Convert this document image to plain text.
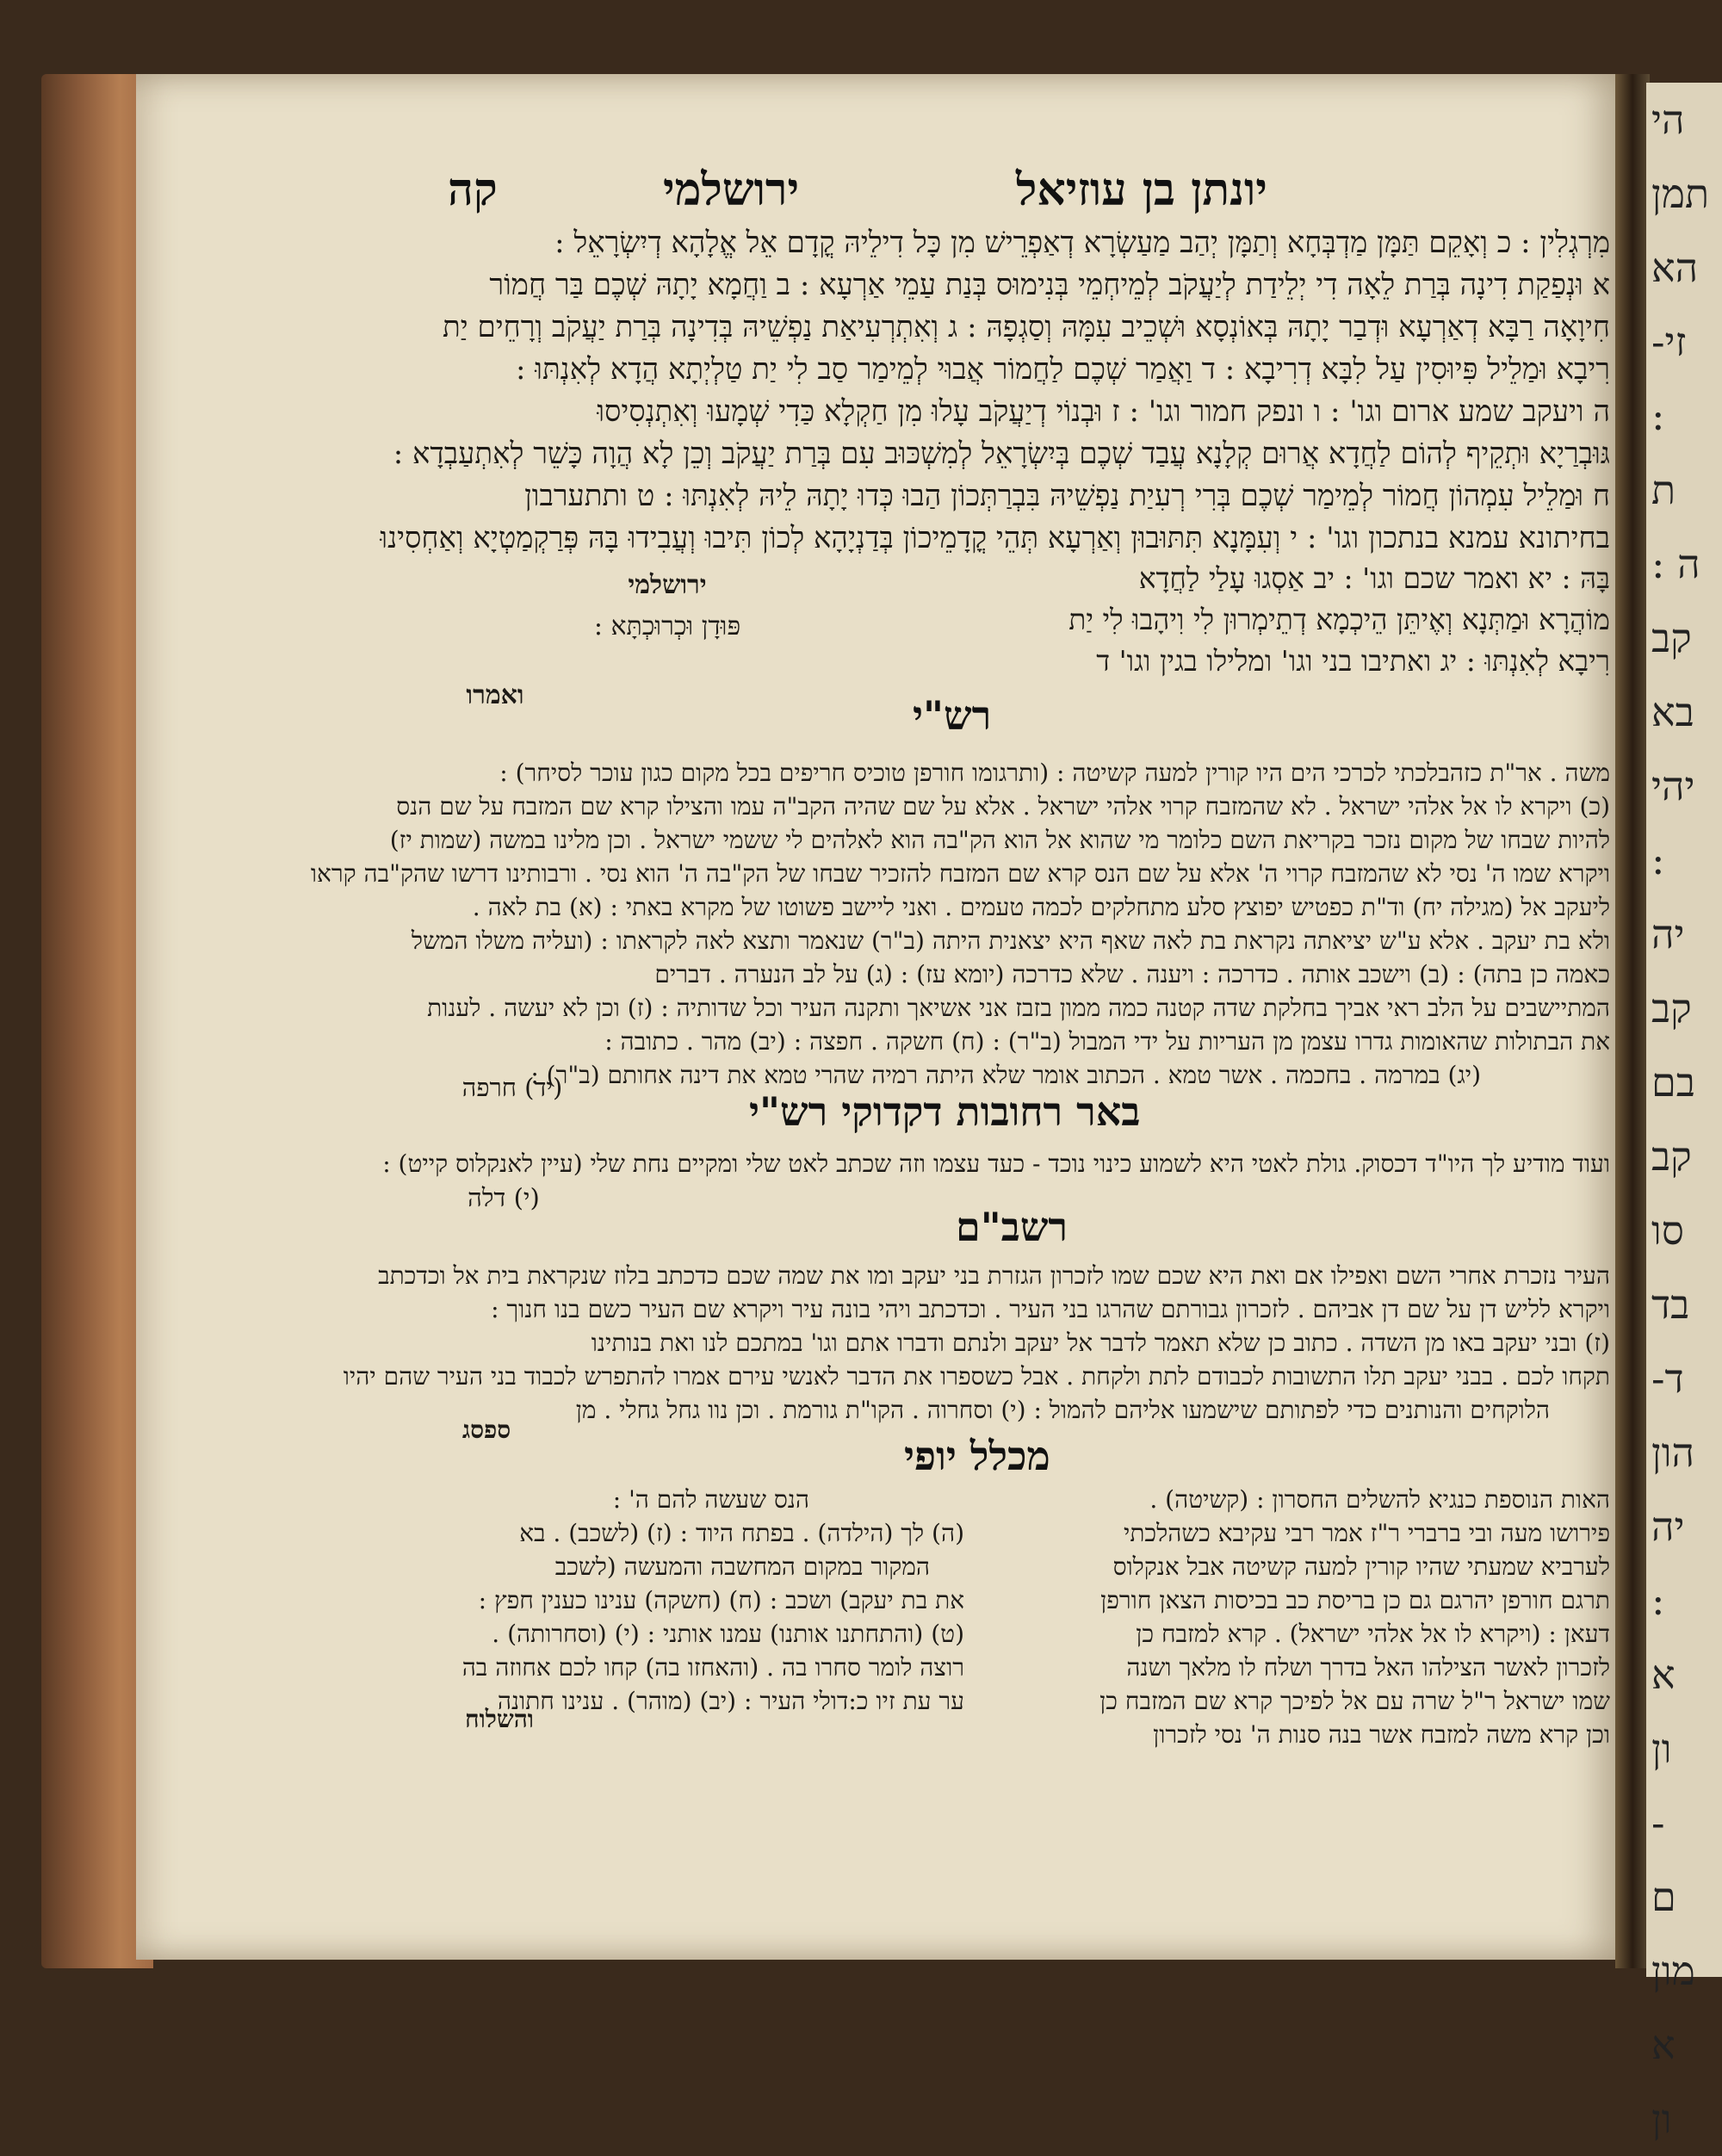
הי
תמן
הא
זי-
:
ת
ה :
קב
בא
יהי
:
יה
קב
בם
קב
סו
בד
ד-
הון
יה
:
א
ון
-
ם
מון
א
ון
קה	ירושלמי	יונתן בן עוזיאל

מִרְגְלִין : כ וְאָקֵם תַּמָּן מַדְבְּחָא וְתַמָּן יְהַב מַעַשְׂרָא דְאַפְרֵישׁ מִן כָּל דִילֵיהּ קֳדָם אֵל אֱלָהָא דְיִשְׂרָאֵל :

א וּנְפַקַת דִינָה בְּרַת לֵאָה דִי יְלֵידַת לְיַעֲקֹב לְמֵיחְמֵי בְּנִימוּס בְּנַת עַמֵי אַרְעָא : ב וַחֲמָא יָתָהּ שְׁכֶם בַּר חֲמוֹר

חִיוָאָה רַבָּא דְאַרְעָא וּדְבַר יָתָהּ בְּאוֹנְסָא וּשְׁכֵיב עִמָּהּ וְסַגְפָהּ : ג וְאִתְרְעִיאַת נַפְשֵׁיהּ בְּדִינָה בְּרַת יַעֲקֹב וְרָחֵים יַת

רִיבָא וּמַלֵיל פִּיוּסִין עַל לִבָּא דְרִיבָא : ד וַאֲמַר שְׁכֶם לַחֲמוֹר אֲבוּי לְמֵימַר סַב לִי יַת טַלְיְתָא הֲדָא לְאִנְתּוּ :

ה ויעקב שמע ארום וגו' : ו ונפק חמור וגו' : ז וּבְנוֹי דְיַעֲקֹב עָלוּ מִן חַקְלָא כַּדִי שְׁמָעוּ וְאִתְנְסִיסוּ

גּוּבְרַיָא וּתְקֵיף לְהוֹם לַחֲדָא אֲרוּם קְלָנָא עֲבַד שְׁכֶם בְּיִשְׂרָאֵל לְמִשְׁכּוּב עִם בְּרַת יַעֲקֹב וְכֵן לָא הֲוָה כָּשֵׁר לְאִתְעַבְדָא :

ח וּמַלֵיל עִמְהוֹן חֲמוֹר לְמֵימַר שְׁכֶם בְּרִי רְעִיַת נַפְשֵׁיהּ בִּבְרַתְּכוֹן הַבוּ כְּדוּ יָתָהּ לֵיהּ לְאִנְתּוּ : ט ותתערבון

בחיתונא עמנא בנתכון וגו' : י וְעִמָּנָא תִּתּוּבוּן וְאַרְעָא תְּהֵי קֳדָמֵיכוֹן בְּדַנְיָהָא לְכוֹן תִּיבוּ וְעֲבִידוּ בָּהּ פְּרַקְמַטְיָא וְאַחְסִינוּ

בָּהּ : יא ואמר שכם וגו' : יב אַסְגוּ עָלַי לַחֲדָא

מוֹהֲרָא וּמַתְּנָא וְאֶיתֵּן הֵיכְמָא דְתֵימְרוּן לִי וִיהָבוּ לִי יַת

רִיבָא לְאִנְתּוּ : יג ואתיבו בני וגו' ומלילו בגין וגו' ד

ירושלמי
פּוּדָן וּכְרוּכְתָּא :
ואמרו	רש"י

משה . אר"ת כזהבלכתי לכרכי הים היו קורין למעה קשיטה : (ותרגומו חורפן טוכיס חריפים בכל מקום כגון עוכר לסיחר) :

(כ) ויקרא לו אל אלהי ישראל . לא שהמזבח קרוי אלהי ישראל . אלא על שם שהיה הקב"ה עמו והצילו קרא שם המזבח על שם הנס

להיות שבחו של מקום נזכר בקריאת השם כלומר מי שהוא אל הוא הק"בה הוא לאלהים לי ששמי ישראל . וכן מלינו במשה (שמות יז)

ויקרא שמו ה' נסי לא שהמזבח קרוי ה' אלא על שם הנס קרא שם המזבח להזכיר שבחו של הק"בה ה' הוא נסי . ורבותינו דרשו שהק"בה קראו

ליעקב אל (מגילה יח) וד"ת כפטיש יפוצץ סלע מתחלקים לכמה טעמים . ואני ליישב פשוטו של מקרא באתי : (א) בת לאה .

ולא בת יעקב . אלא ע"ש יציאתה נקראת בת לאה שאף היא יצאנית היתה (ב"ר) שנאמר ותצא לאה לקראתו : (ועליה משלו המשל

כאמה כן בתה) : (ב) וישכב אותה . כדרכה : ויענה . שלא כדרכה (יומא עז) : (ג) על לב הנערה . דברים

המתיישבים על הלב ראי אביך בחלקת שדה קטנה כמה ממון בזבז אני אשיאך ותקנה העיר וכל שדותיה : (ז) וכן לא יעשה . לענות

את הבתולות שהאומות גדרו עצמן מן העריות על ידי המבול (ב"ר) : (ח) חשקה . חפצה : (יב) מהר . כתובה :

(יג) במרמה . בחכמה . אשר טמא . הכתוב אומר שלא היתה רמיה שהרי טמא את דינה אחותם (ב"ר) :

(יד) חרפה
באר רחובות דקדוקי רש"י

ועוד מודיע לך היו"ד דכסוק. גולת לאטי היא לשמוע כינוי נוכד - כעד עצמו וזה שכתב לאט שלי ומקיים נחת שלי (עיין לאנקלוס קייט) :

(י) דלה
רשב"ם

העיר נזכרת אחרי השם ואפילו אם ואת היא שכם שמו לזכרון הגזרת בני יעקב ומו את שמה שכם כדכתב בלוז שנקראת בית אל וכדכתב

ויקרא לליש דן על שם דן אביהם . לזכרון גבורתם שהרגו בני העיר . וכדכתב ויהי בונה עיר ויקרא שם העיר כשם בנו חנוך :

(ז) ובני יעקב באו מן השדה . כתוב כן שלא תאמר לדבר אל יעקב ולנתם ודברו אתם וגו' במתכם לנו ואת בנותינו

תקחו לכם . בבני יעקב תלו התשובות לכבודם לתת ולקחת . אבל כשספרו את הדבר לאנשי עירם אמרו להתפרש לכבוד בני העיר שהם יהיו

הלוקחים והנותנים כדי לפתותם שישמעו אליהם להמול : (י) וסחרוה . הקו"ת גורמת . וכן נוו גחל גחלי . מן

ספסג
מכלל יופי

האות הנוספת כנגיא להשלים החסרון : (קשיטה) .

פירושו מעה ובי ברברי ר"ז אמר רבי עקיבא כשהלכתי

לערביא שמעתי שהיו קורין למעה קשיטה אבל אנקלוס

תרגם חורפן יהרגם גם כן בריסת כב בכיסות הצאן חורפן

דעאן : (ויקרא לו אל אלהי ישראל) . קרא למזבח כן

לזכרון לאשר הצילהו האל בדרך ושלח לו מלאך ושנה

שמו ישראל ר"ל שרה עם אל לפיכך קרא שם המזבח כן

וכן קרא משה למזבח אשר בנה סנות ה' נסי לזכרון

הנס שעשה להם ה' :

(ה) לך (הילדה) . בפתח היוד : (ז) (לשכב) . בא

המקור במקום המחשבה והמעשה (לשכב

את בת יעקב) ושכב : (ח) (חשקה) ענינו כענין חפץ :

(ט) (והתחתנו אותנו) עמנו אותני : (י) (וסחרותה) .

רוצה לומר סחרו בה . (והאחזו בה) קחו לכם אחוזה בה

ער עת זיו כ:דולי העיר : (יב) (מוהר) . ענינו חתונה

והשלוח
